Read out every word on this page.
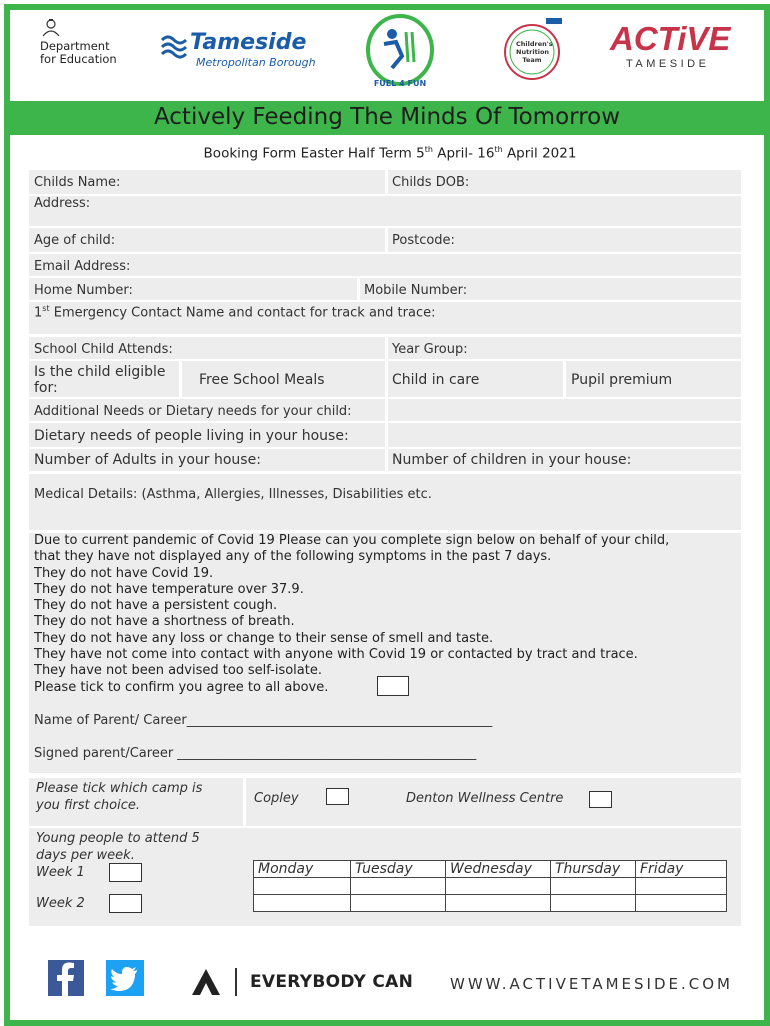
Department
for Education
Tameside
Metropolitan Borough
FUEL 4 FUN
Children's
Nutrition
Team
ACTiVE
TAMESIDE
Actively Feeding The Minds Of Tomorrow
Booking Form Easter Half Term 5th April- 16th April 2021
Childs Name:	Childs DOB:
Address:
Age of child:	Postcode:
Email Address:
Home Number:	Mobile Number:
1st Emergency Contact Name and contact for track and trace:
School Child Attends:	Year Group:
Is the child eligible
for:	Free School Meals	Child in care	Pupil premium
Additional Needs or Dietary needs for your child:
Dietary needs of people living in your house:
Number of Adults in your house:	Number of children in your house:
Medical Details: (Asthma, Allergies, Illnesses, Disabilities etc.
Due to current pandemic of Covid 19 Please can you complete sign below on behalf of your child,
that they have not displayed any of the following symptoms in the past 7 days.
They do not have Covid 19.
They do not have temperature over 37.9.
They do not have a persistent cough.
They do not have a shortness of breath.
They do not have any loss or change to their sense of smell and taste.
They have not come into contact with anyone with Covid 19 or contacted by tract and trace.
They have not been advised too self-isolate.
Please tick to confirm you agree to all above.
Name of Parent/ Career_______________________________________________
Signed parent/Career ______________________________________________
Please tick which camp is
you first choice.	Copley	Denton Wellness Centre
Young people to attend 5
days per week.
Week 1
Week 2
Monday	Tuesday	Wednesday	Thursday	Friday

EVERYBODY CAN WWW.ACTIVETAMESIDE.COM
